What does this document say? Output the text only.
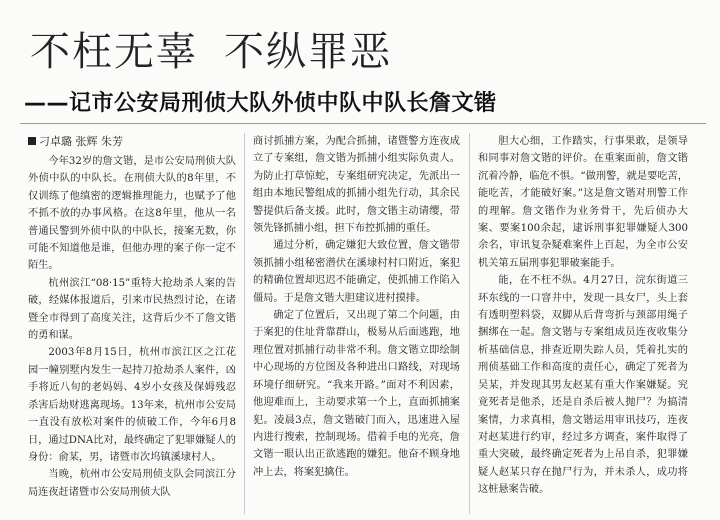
不枉无辜 不纵罪恶
——记市公安局刑侦大队外侦中队中队长詹文锴
刁卓璐 张辉 朱芳

今年32岁的詹文锴，是市公安局刑侦大队外侦中队的中队长。在刑侦大队的8年里，不仅训练了他缜密的逻辑推理能力，也赋予了他不抓不放的办事风格。在这8年里，他从一名普通民警到外侦中队的中队长，接案无数，你可能不知道他是谁，但他办理的案子你一定不陌生。

杭州滨江“08·15”重特大抢劫杀人案的告破，经媒体报道后，引来市民热烈讨论，在诸暨全市得到了高度关注，这背后少不了詹文锴的勇和谋。

2003年8月15日，杭州市滨江区之江花园一幢别墅内发生一起持刀抢劫杀人案件，凶手将近八旬的老妈妈、4岁小女孩及保姆残忍杀害后劫财逃离现场。13年来，杭州市公安局一直没有放松对案件的侦破工作，今年6月8日，通过DNA比对，最终确定了犯罪嫌疑人的身份：俞某，男，诸暨市次坞镇溪埭村人。

当晚，杭州市公安局刑侦支队会同滨江分局连夜赶诸暨市公安局刑侦大队

商讨抓捕方案，为配合抓捕，诸暨警方连夜成立了专案组，詹文锴为抓捕小组实际负责人。为防止打草惊蛇，专案组研究决定，先派出一组由本地民警组成的抓捕小组先行动，其余民警提供后备支援。此时，詹文锴主动请缨，带领先锋抓捕小组，担下布控抓捕的重任。

通过分析，确定嫌犯大致位置，詹文锴带领抓捕小组秘密潜伏在溪埭村村口附近，案犯的精确位置却迟迟不能确定，使抓捕工作陷入僵局。于是詹文锴大胆建议进村摸排。

确定了位置后，又出现了第二个问题，由于案犯的住址背靠群山，极易从后面逃跑，地理位置对抓捕行动非常不利。詹文锴立即绘制中心现场的方位图及各种进出口路线，对现场环境仔细研究。“我来开路。”面对不利因素，他迎难而上，主动要求第一个上，直面抓捕案犯。凌晨3点，詹文锴破门而入，迅速进入屋内进行搜索，控制现场。借着手电的光亮，詹文锴一眼认出正欲逃跑的嫌犯。他奋不顾身地冲上去，将案犯擒住。

胆大心细，工作踏实，行事果敢，是领导和同事对詹文锴的评价。在重案面前，詹文锴沉着冷静，临危不惧。“做刑警，就是要吃苦，能吃苦，才能破好案。”这是詹文锴对刑警工作的理解。詹文锴作为业务骨干，先后侦办大案、要案100余起，逮诉刑事犯罪嫌疑人300余名，审讯复杂疑难案件上百起，为全市公安机关第五届刑事犯罪破案能手。

能，在不枉不纵。4月27日，浣东街道三环东线的一口窨井中，发现一具女尸，头上套有透明塑料袋，双脚从后背弯折与颈部用绳子捆绑在一起。詹文锴与专案组成员连夜收集分析基础信息，排查近期失踪人员，凭着扎实的刑侦基础工作和高度的责任心，确定了死者为吴某，并发现其男友赵某有重大作案嫌疑。究竟死者是他杀，还是自杀后被人抛尸？为搞清案情，力求真相，詹文锴运用审讯技巧，连夜对赵某进行约审，经过多方调查，案件取得了重大突破，最终确定死者为上吊自杀，犯罪嫌疑人赵某只存在抛尸行为，并未杀人，成功将这桩悬案告破。
